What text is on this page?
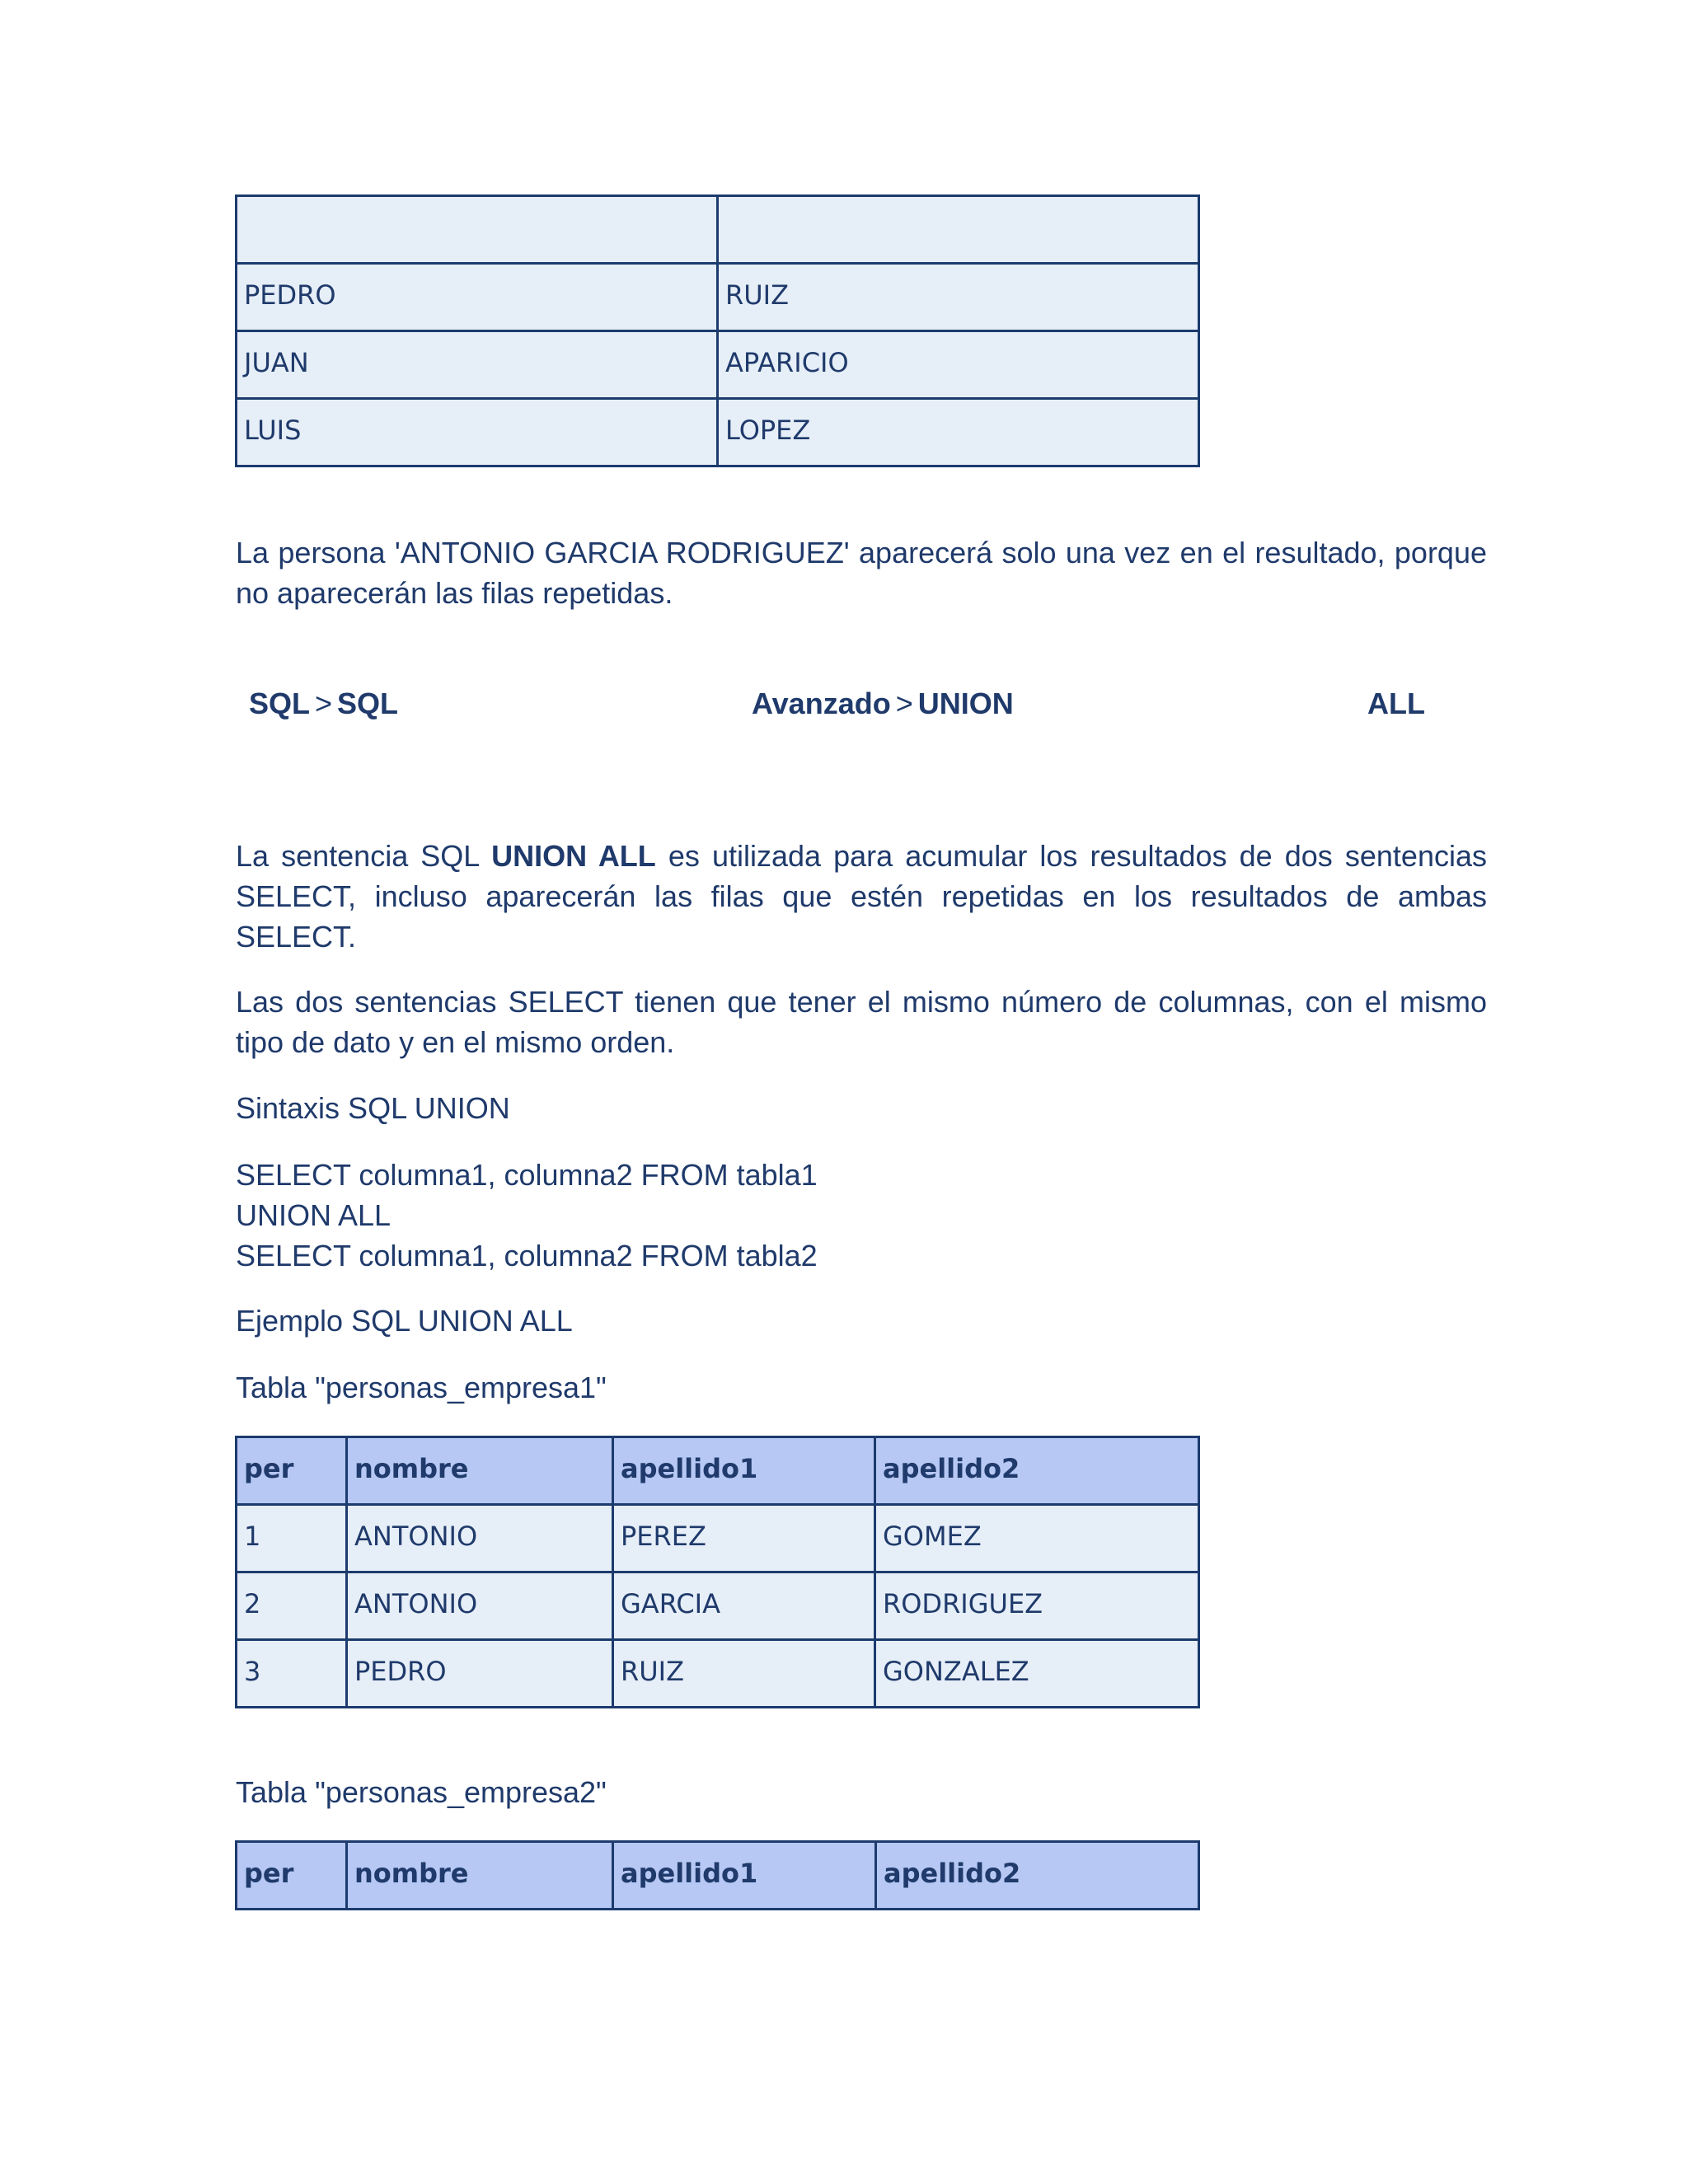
PEDRO	RUIZ
JUAN	APARICIO
LUIS	LOPEZ

La persona 'ANTONIO GARCIA RODRIGUEZ' aparecerá solo una vez en el resultado, porque no aparecerán las filas repetidas.

SQL > SQL	Avanzado > UNION	ALL

La sentencia SQL UNION ALL es utilizada para acumular los resultados de dos sentencias SELECT, incluso aparecerán las filas que estén repetidas en los resultados de ambas SELECT.

Las dos sentencias SELECT tienen que tener el mismo número de columnas, con el mismo tipo de dato y en el mismo orden.

Sintaxis SQL UNION

SELECT columna1, columna2 FROM tabla1
UNION ALL
SELECT columna1, columna2 FROM tabla2

Ejemplo SQL UNION ALL

Tabla "personas_empresa1"

per	nombre	apellido1	apellido2
1	ANTONIO	PEREZ	GOMEZ
2	ANTONIO	GARCIA	RODRIGUEZ
3	PEDRO	RUIZ	GONZALEZ

Tabla "personas_empresa2"

per	nombre	apellido1	apellido2
